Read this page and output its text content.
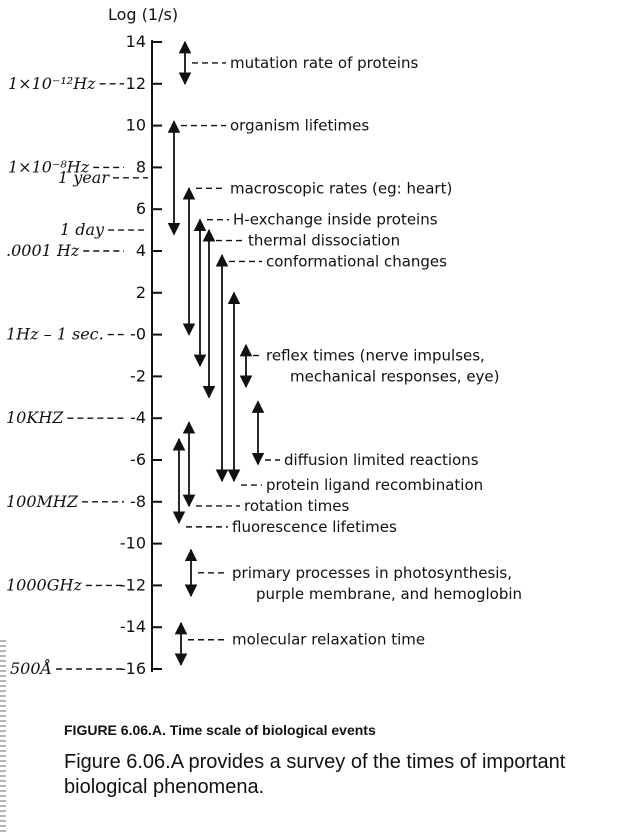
Log (1/s)
14
12
10
8
6
4
2
-0
-2
-4
-6
-8
-10
-12
-14
-16
1×10⁻¹²Hz
1×10⁻⁸Hz
1 year
1 day
.0001 Hz
1Hz – 1 sec.
10KHZ
100MHZ
1000GHz
500Å
mutation rate of proteins
organism lifetimes
macroscopic rates (eg: heart)
H-exchange inside proteins
thermal dissociation
conformational changes
reflex times (nerve impulses,
mechanical responses, eye)
diffusion limited reactions
protein ligand recombination
rotation times
fluorescence lifetimes
primary processes in photosynthesis,
purple membrane, and hemoglobin
molecular relaxation time
FIGURE 6.06.A. Time scale of biological events
Figure 6.06.A provides a survey of the times of important biological phenomena.
